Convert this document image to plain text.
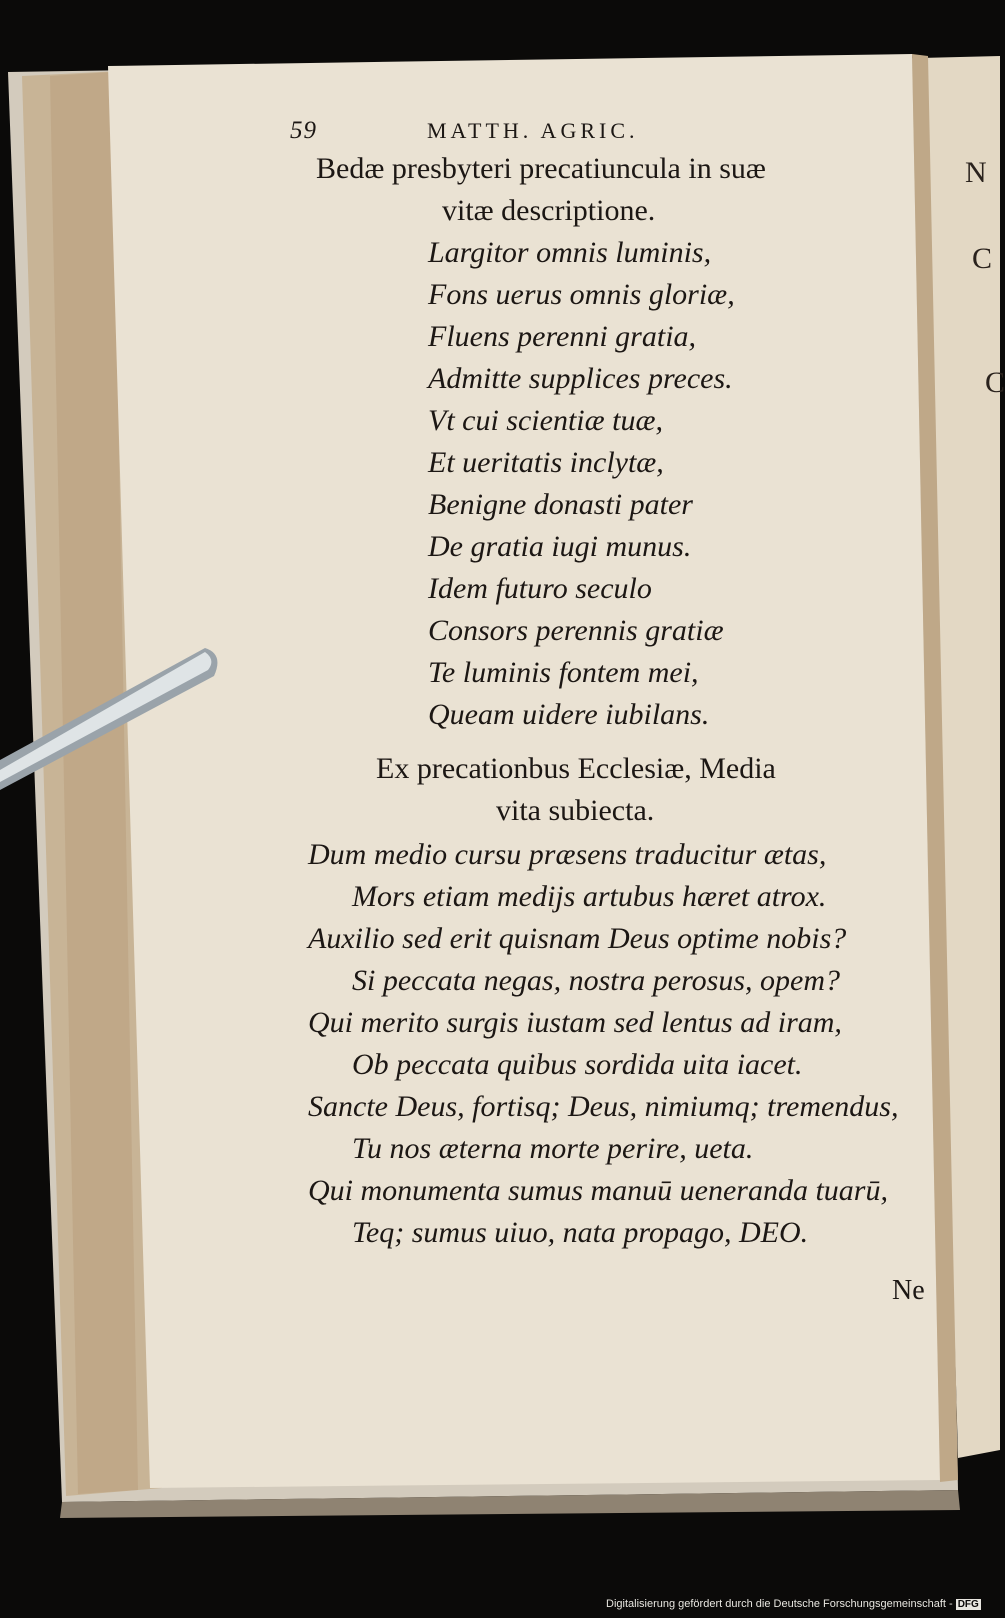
59	MATTH. AGRIC.
Bedæ presbyteri precatiuncula in suæ
vitæ descriptione.
Largitor omnis luminis,
Fons uerus omnis gloriæ,
Fluens perenni gratia,
Admitte supplices preces.
Vt cui scientiæ tuæ,
Et ueritatis inclytæ,
Benigne donasti pater
De gratia iugi munus.
Idem futuro seculo
Consors perennis gratiæ
Te luminis fontem mei,
Queam uidere iubilans.
Ex precationbus Ecclesiæ, Media
vita subiecta.
Dum medio cursu præsens traducitur ætas,
Mors etiam medijs artubus hæret atrox.
Auxilio sed erit quisnam Deus optime nobis?
Si peccata negas, nostra perosus, opem?
Qui merito surgis iustam sed lentus ad iram,
Ob peccata quibus sordida uita iacet.
Sancte Deus, fortisq; Deus, nimiumq; tremendus,
Tu nos æterna morte perire, ueta.
Qui monumenta sumus manuū ueneranda tuarū,
Teq; sumus uiuo, nata propago, DEO.
Ne
N
C
C
Digitalisierung gefördert durch die Deutsche Forschungsgemeinschaft - DFG
